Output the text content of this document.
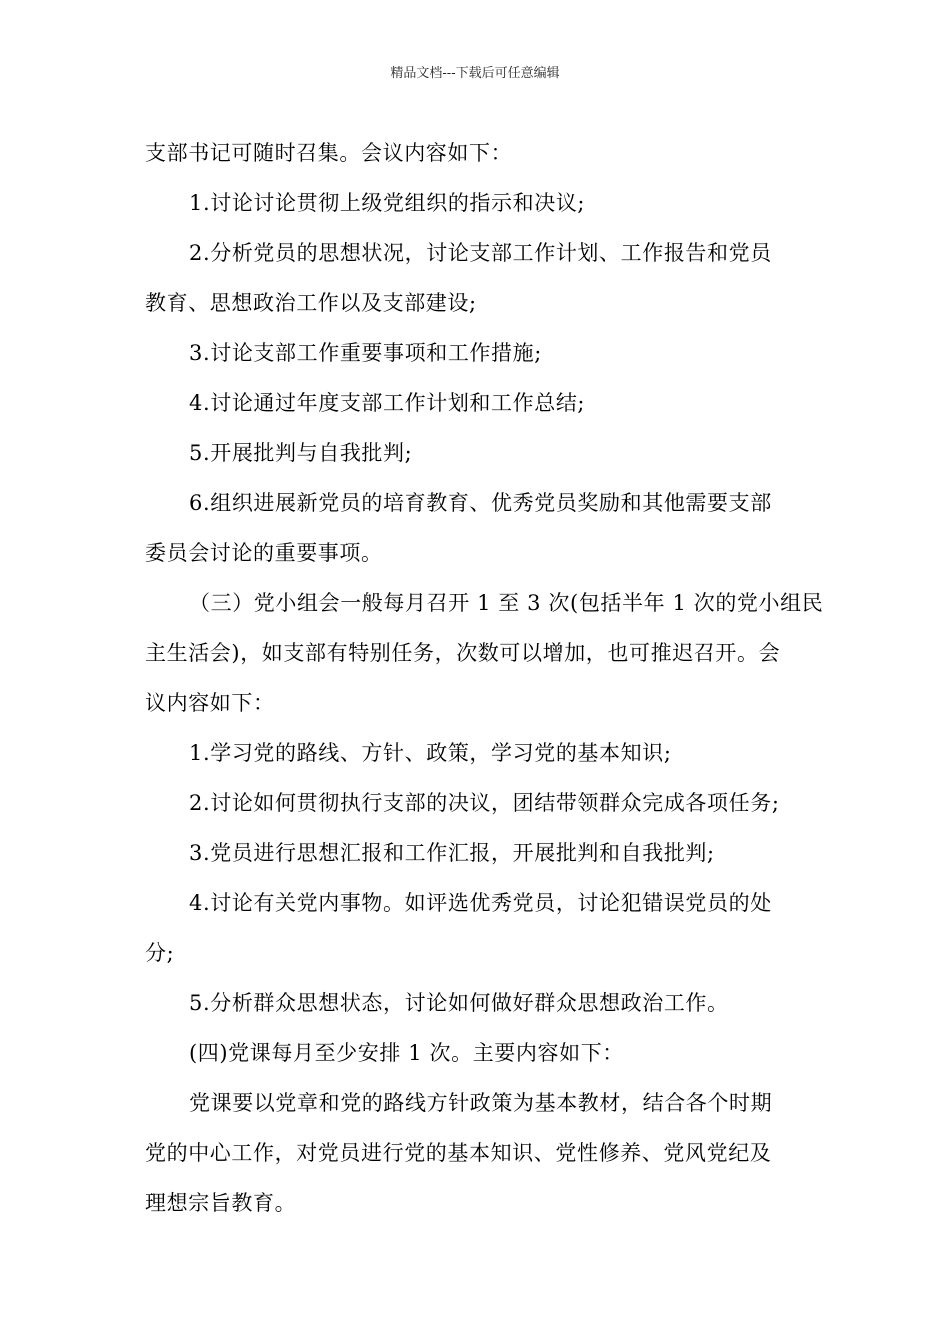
精品文档---下载后可任意编辑

支部书记可随时召集。会议内容如下：

1.讨论讨论贯彻上级党组织的指示和决议;

2.分析党员的思想状况，讨论支部工作计划、工作报告和党员

教育、思想政治工作以及支部建设;

3.讨论支部工作重要事项和工作措施;

4.讨论通过年度支部工作计划和工作总结;

5.开展批判与自我批判;

6.组织进展新党员的培育教育、优秀党员奖励和其他需要支部

委员会讨论的重要事项。

（三）党小组会一般每月召开 1 至 3 次(包括半年 1 次的党小组民

主生活会)，如支部有特别任务，次数可以增加，也可推迟召开。会

议内容如下：

1.学习党的路线、方针、政策，学习党的基本知识;

2.讨论如何贯彻执行支部的决议，团结带领群众完成各项任务;

3.党员进行思想汇报和工作汇报，开展批判和自我批判;

4.讨论有关党内事物。如评选优秀党员，讨论犯错误党员的处

分;

5.分析群众思想状态，讨论如何做好群众思想政治工作。

(四)党课每月至少安排 1 次。主要内容如下：

党课要以党章和党的路线方针政策为基本教材，结合各个时期

党的中心工作，对党员进行党的基本知识、党性修养、党风党纪及

理想宗旨教育。
